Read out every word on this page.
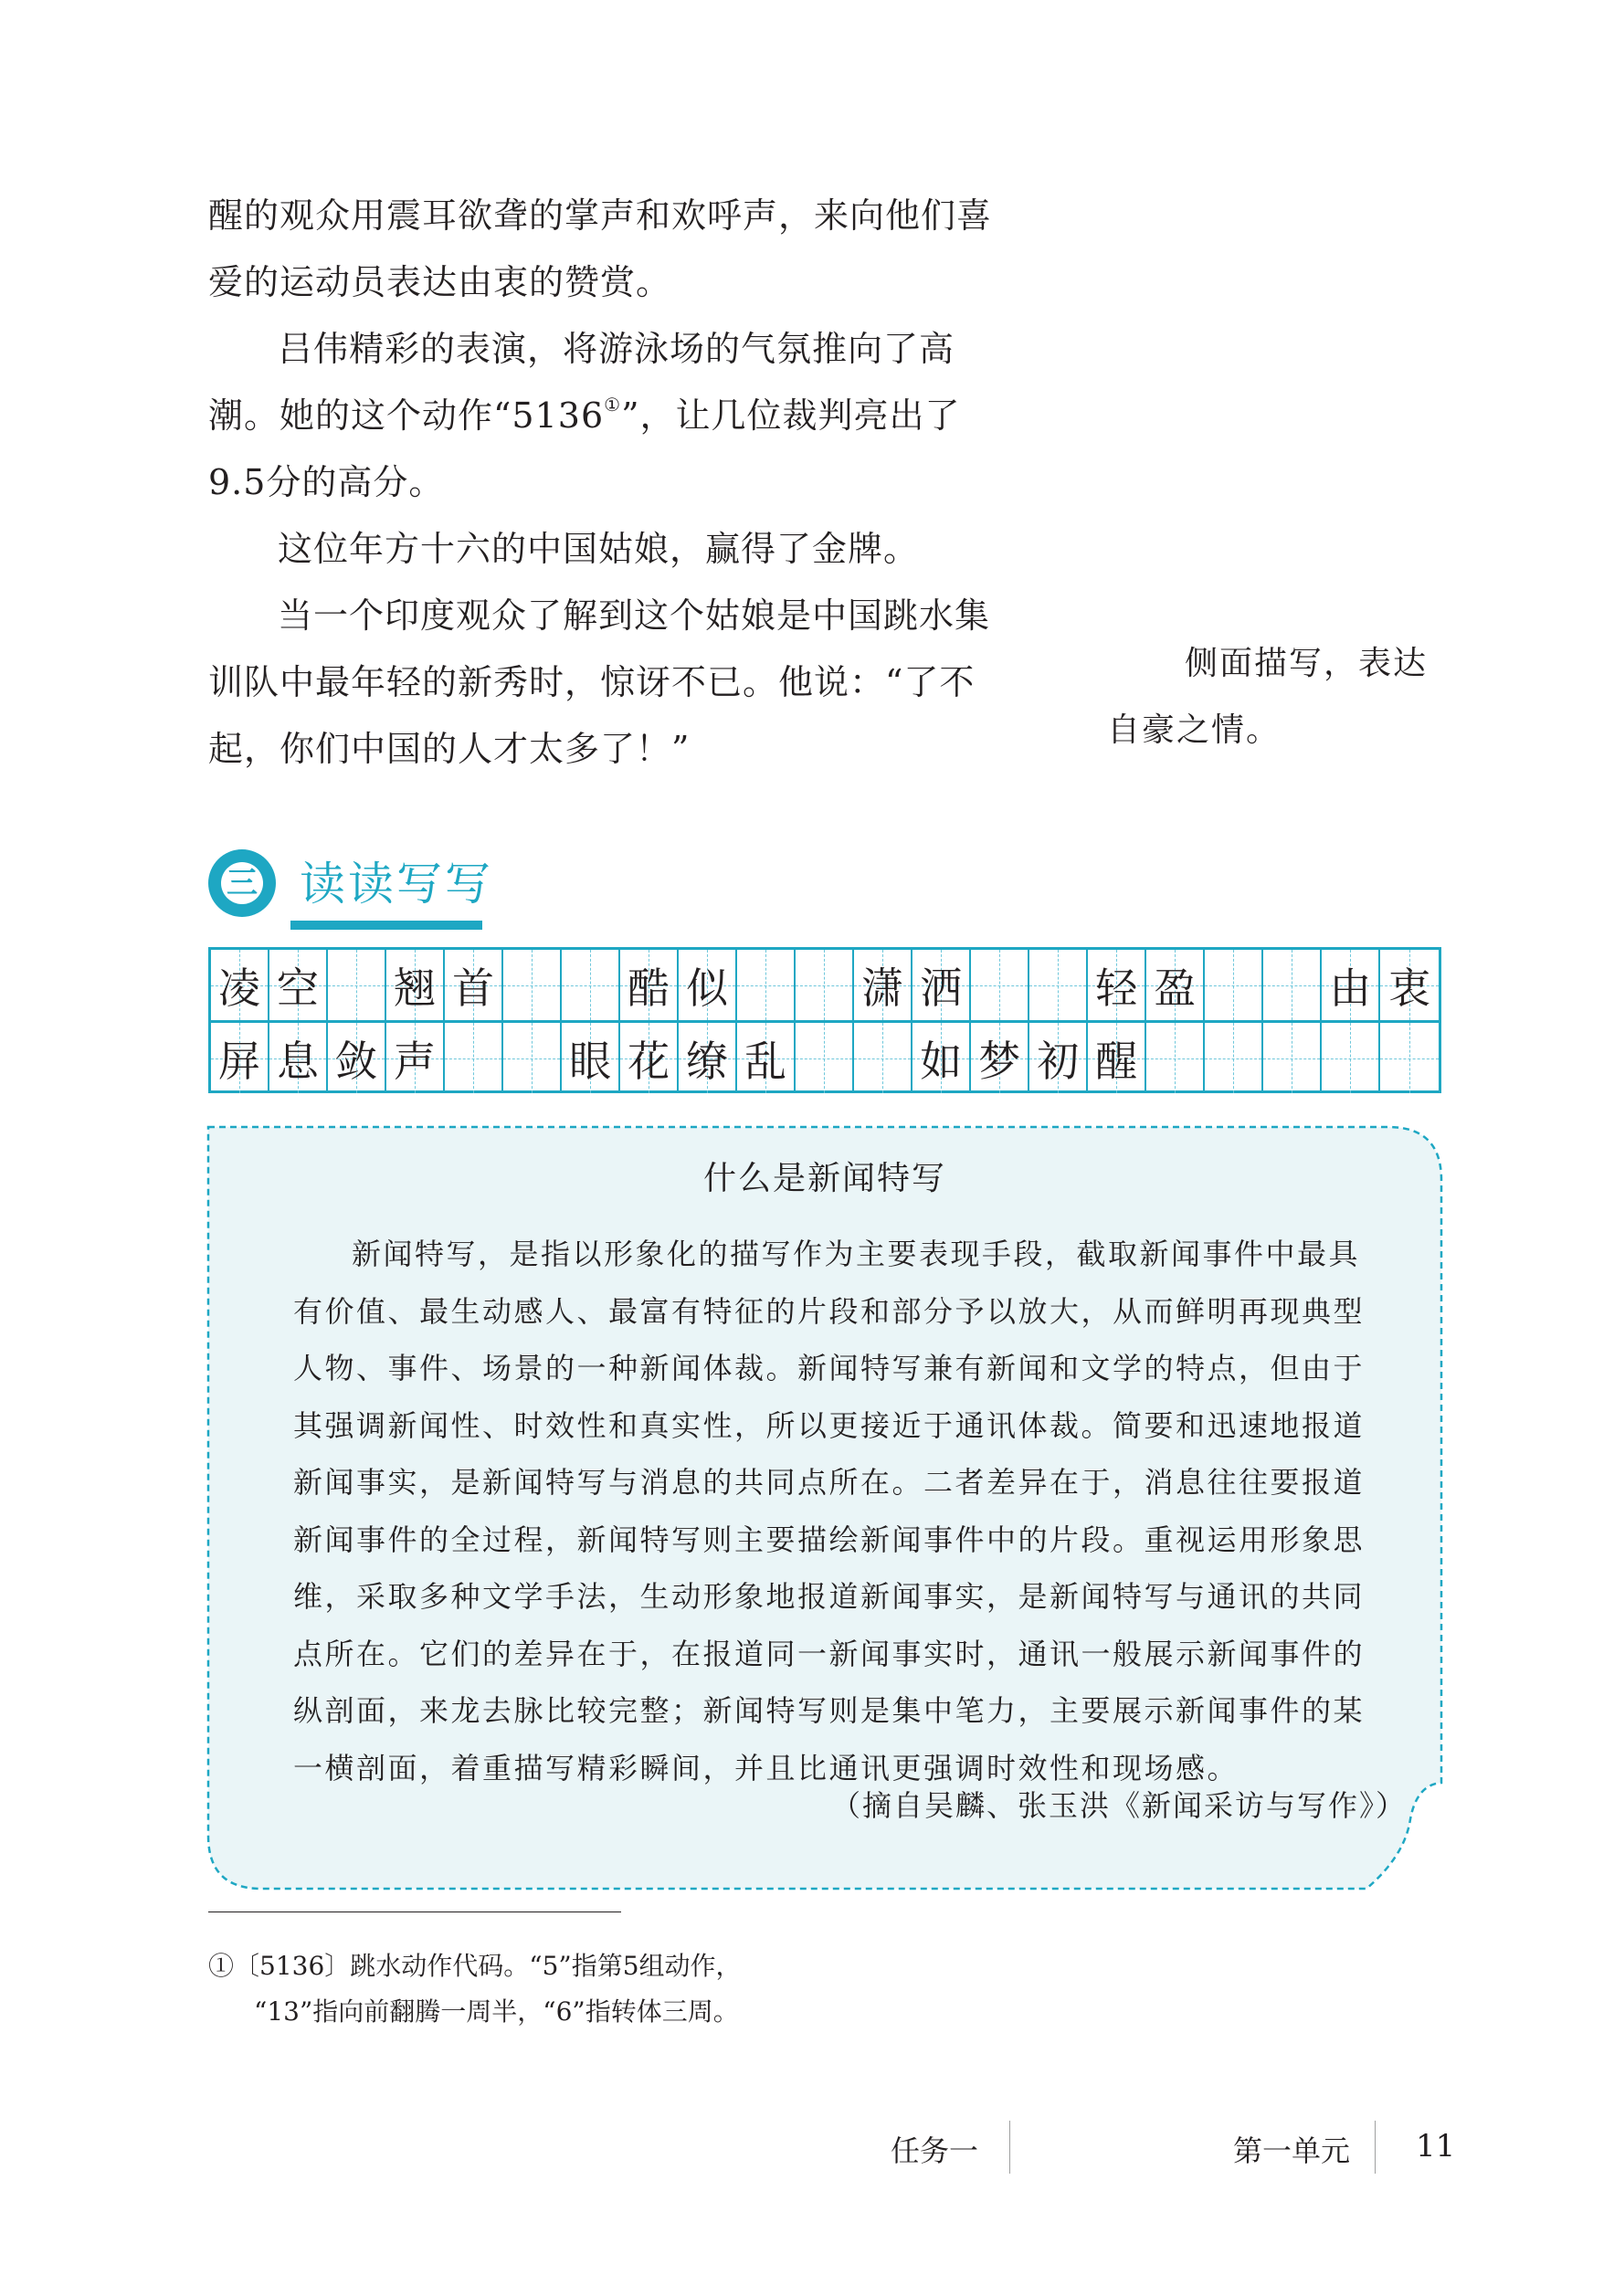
醒的观众用震耳欲聋的掌声和欢呼声，来向他们喜爱的运动员表达由衷的赞赏。

吕伟精彩的表演，将游泳场的气氛推向了高潮。她的这个动作“5136①”，让几位裁判亮出了9.5分的高分。

这位年方十六的中国姑娘，赢得了金牌。

当一个印度观众了解到这个姑娘是中国跳水集训队中最年轻的新秀时，惊讶不已。他说：“了不起，你们中国的人才太多了！”

侧面描写，表达
自豪之情。
三 读读写写
凌 空 翘 首	酷 似	潇 洒	轻 盈	由 衷
屏 息 敛 声	眼 花 缭 乱	如 梦 初 醒
什么是新闻特写

新闻特写，是指以形象化的描写作为主要表现手段，截取新闻事件中最具有价值、最生动感人、最富有特征的片段和部分予以放大，从而鲜明再现典型人物、事件、场景的一种新闻体裁。新闻特写兼有新闻和文学的特点，但由于其强调新闻性、时效性和真实性，所以更接近于通讯体裁。简要和迅速地报道新闻事实，是新闻特写与消息的共同点所在。二者差异在于，消息往往要报道新闻事件的全过程，新闻特写则主要描绘新闻事件中的片段。重视运用形象思维，采取多种文学手法，生动形象地报道新闻事实，是新闻特写与通讯的共同点所在。它们的差异在于，在报道同一新闻事实时，通讯一般展示新闻事件的纵剖面，来龙去脉比较完整；新闻特写则是集中笔力，主要展示新闻事件的某一横剖面，着重描写精彩瞬间，并且比通讯更强调时效性和现场感。

（摘自吴麟、张玉洪《新闻采访与写作》）
①〔5136〕跳水动作代码。“5”指第5组动作，
“13”指向前翻腾一周半，“6”指转体三周。
任务一	第一单元 11
